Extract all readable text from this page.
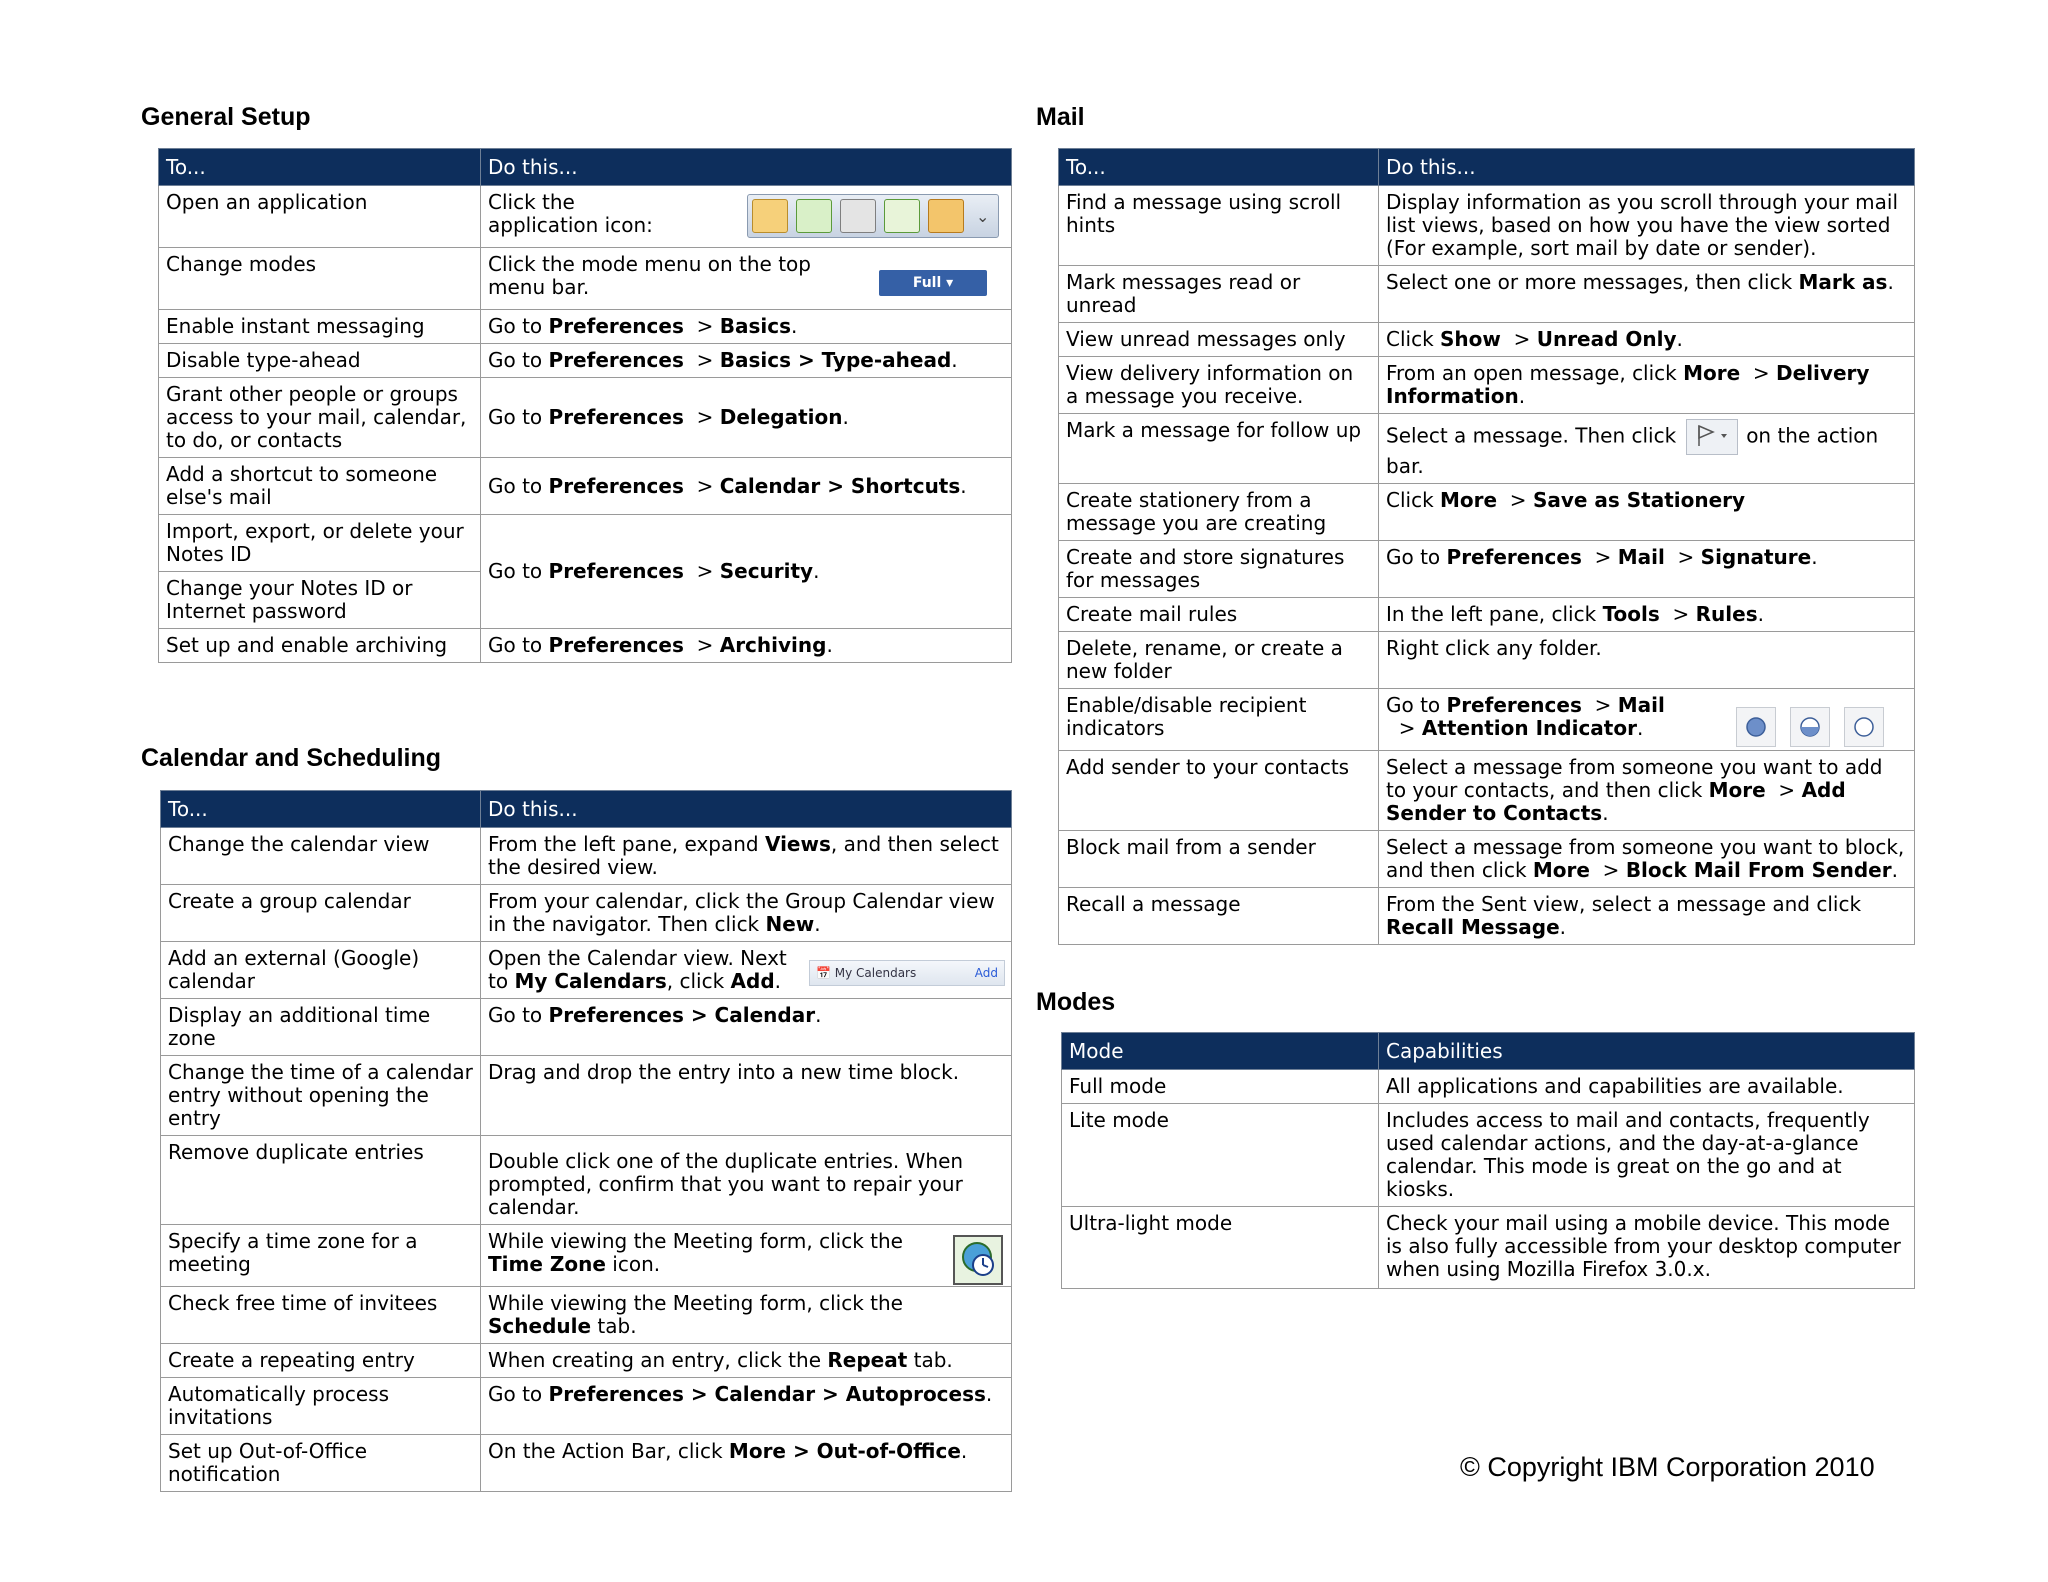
General Setup
To...	Do this...
Open an application	Click the application icon: ⌄

Change modes	Click the mode menu on the top menu bar. Full ▾

Enable instant messaging	Go to Preferences  > Basics.
Disable type-ahead	Go to Preferences  > Basics > Type-ahead.
Grant other people or groups access to your mail, calendar, to do, or contacts	Go to Preferences  > Delegation.
Add a shortcut to someone else's mail	Go to Preferences  > Calendar > Shortcuts.
Import, export, or delete your Notes ID	Go to Preferences  > Security.
Change your Notes ID or Internet password	
Set up and enable archiving	Go to Preferences  > Archiving.
Calendar and Scheduling
To...	Do this...
Change the calendar view	From the left pane, expand Views, and then select the desired view.
Create a group calendar	From your calendar, click the Group Calendar view in the navigator. Then click New.
Add an external (Google) calendar	Open the Calendar view. Next to My Calendars, click Add. 📅 My Calendars Add

Display an additional time zone	Go to Preferences > Calendar.
Change the time of a calendar entry without opening the entry	Drag and drop the entry into a new time block.
Remove duplicate entries	Double click one of the duplicate entries. When prompted, confirm that you want to repair your calendar.
Specify a time zone for a meeting	While viewing the Meeting form, click the Time Zone icon.

Check free time of invitees	While viewing the Meeting form, click the Schedule tab.
Create a repeating entry	When creating an entry, click the Repeat tab.
Automatically process invitations	Go to Preferences > Calendar > Autoprocess.
Set up Out-of-Office notification	On the Action Bar, click More > Out-of-Office.
Mail
To...	Do this...
Find a message using scroll hints	Display information as you scroll through your mail list views, based on how you have the view sorted (For example, sort mail by date or sender).
Mark messages read or unread	Select one or more messages, then click Mark as.
View unread messages only	Click Show  > Unread Only.
View delivery information on a message you receive.	From an open message, click More  > Delivery Information.
Mark a message for follow up	Select a message. Then click on the action bar.
Create stationery from a message you are creating	Click More  > Save as Stationery
Create and store signatures for messages	Go to Preferences  > Mail  > Signature.
Create mail rules	In the left pane, click Tools  > Rules.
Delete, rename, or create a new folder	Right click any folder.
Enable/disable recipient indicators	Go to Preferences  > Mail  > Attention Indicator.

Add sender to your contacts	Select a message from someone you want to add to your contacts, and then click More  > Add Sender to Contacts.
Block mail from a sender	Select a message from someone you want to block, and then click More  > Block Mail From Sender.
Recall a message	From the Sent view, select a message and click Recall Message.
Modes
Mode	Capabilities
Full mode	All applications and capabilities are available.
Lite mode	Includes access to mail and contacts, frequently used calendar actions, and the day-at-a-glance calendar. This mode is great on the go and at kiosks.
Ultra-light mode	Check your mail using a mobile device. This mode is also fully accessible from your desktop computer when using Mozilla Firefox 3.0.x.
© Copyright IBM Corporation 2010
